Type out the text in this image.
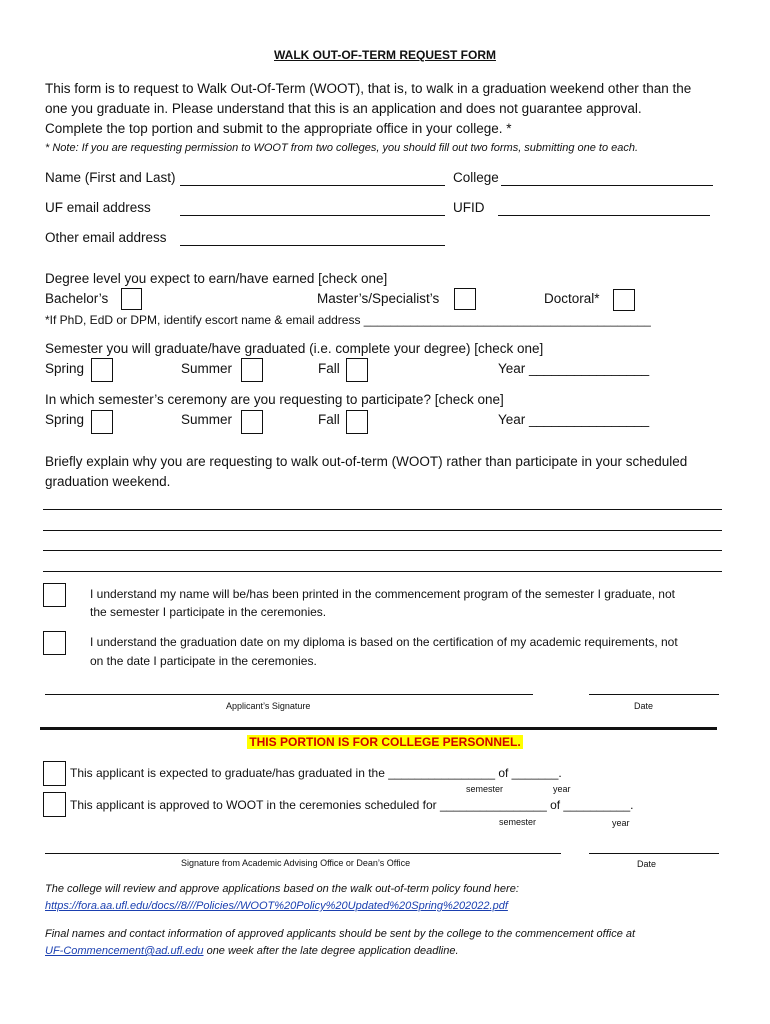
WALK OUT-OF-TERM REQUEST FORM
This form is to request to Walk Out-Of-Term (WOOT), that is, to walk in a graduation weekend other than the
one you graduate in. Please understand that this is an application and does not guarantee approval.
Complete the top portion and submit to the appropriate office in your college. *
* Note: If you are requesting permission to WOOT from two colleges, you should fill out two forms, submitting one to each.
Name (First and Last)	College
UF email address	UFID
Other email address
Degree level you expect to earn/have earned [check one]
Bachelor’s	Master’s/Specialist’s	Doctoral*
*If PhD, EdD or DPM, identify escort name & email address ___________________________________________
Semester you will graduate/have graduated (i.e. complete your degree) [check one]
Spring	Summer	Fall	Year ________________
In which semester’s ceremony are you requesting to participate? [check one]
Spring	Summer	Fall	Year ________________
Briefly explain why you are requesting to walk out-of-term (WOOT) rather than participate in your scheduled
graduation weekend.
I understand my name will be/has been printed in the commencement program of the semester I graduate, not
the semester I participate in the ceremonies.
I understand the graduation date on my diploma is based on the certification of my academic requirements, not
on the date I participate in the ceremonies.
Applicant’s Signature	Date
THIS PORTION IS FOR COLLEGE PERSONNEL.
This applicant is expected to graduate/has graduated in the ________________ of _______.
semester	year
This applicant is approved to WOOT in the ceremonies scheduled for ________________ of __________.
semester	year
Signature from Academic Advising Office or Dean’s Office	Date
The college will review and approve applications based on the walk out-of-term policy found here:
https://fora.aa.ufl.edu/docs//8///Policies//WOOT%20Policy%20Updated%20Spring%202022.pdf
Final names and contact information of approved applicants should be sent by the college to the commencement office at
UF-Commencement@ad.ufl.edu one week after the late degree application deadline.
